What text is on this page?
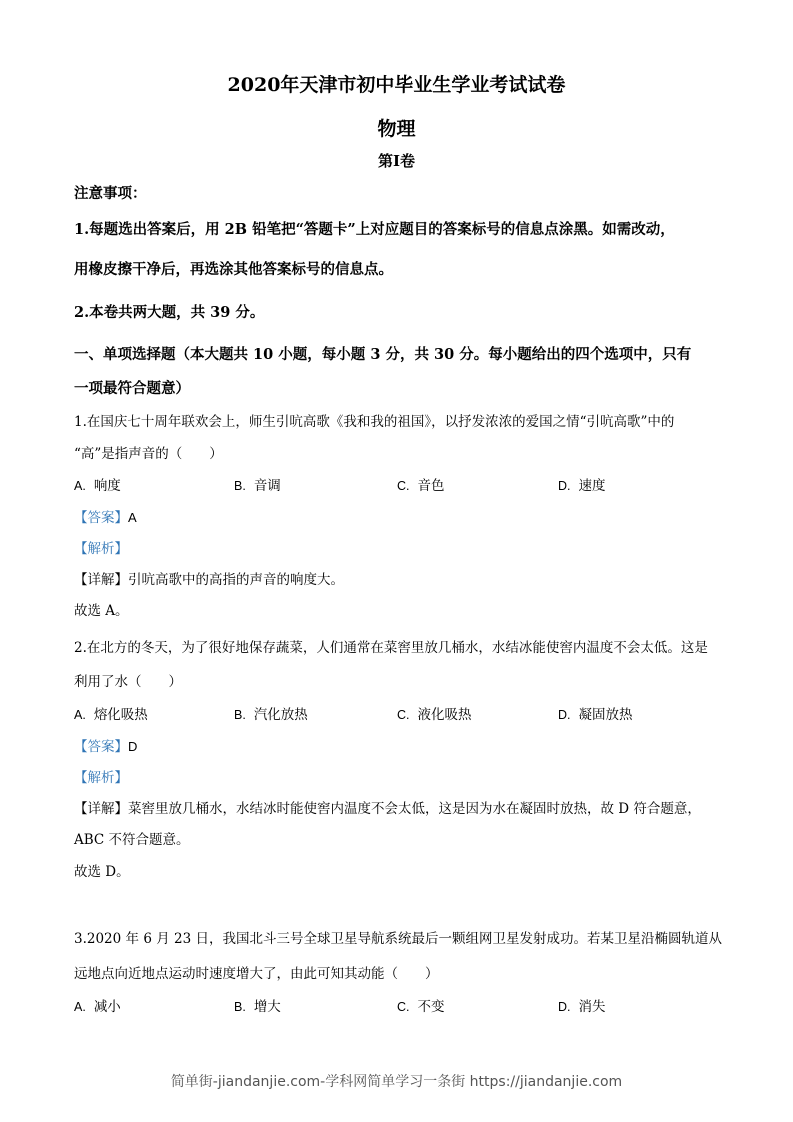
2020年天津市初中毕业生学业考试试卷
物理
第Ⅰ卷
注意事项：
1.每题选出答案后，用 2B 铅笔把“答题卡”上对应题目的答案标号的信息点涂黑。如需改动，
用橡皮擦干净后，再选涂其他答案标号的信息点。
2.本卷共两大题，共 39 分。
一、单项选择题（本大题共 10 小题，每小题 3 分，共 30 分。每小题给出的四个选项中，只有
一项最符合题意）
1.在国庆七十周年联欢会上，师生引吭高歌《我和我的祖国》，以抒发浓浓的爱国之情“引吭高歌”中的
“高”是指声音的（　　）
A. 响度	B. 音调	C. 音色	D. 速度
【答案】A
【解析】
【详解】引吭高歌中的高指的声音的响度大。
故选 A。
2.在北方的冬天，为了很好地保存蔬菜，人们通常在菜窖里放几桶水，水结冰能使窖内温度不会太低。这是
利用了水（　　）
A. 熔化吸热	B. 汽化放热	C. 液化吸热	D. 凝固放热
【答案】D
【解析】
【详解】菜窖里放几桶水，水结冰时能使窖内温度不会太低，这是因为水在凝固时放热，故 D 符合题意，
ABC 不符合题意。
故选 D。
3.2020 年 6 月 23 日，我国北斗三号全球卫星导航系统最后一颗组网卫星发射成功。若某卫星沿椭圆轨道从
远地点向近地点运动时速度增大了，由此可知其动能（　　）
A. 减小	B. 增大	C. 不变	D. 消失
简单街-jiandanjie.com-学科网简单学习一条街 https://jiandanjie.com
